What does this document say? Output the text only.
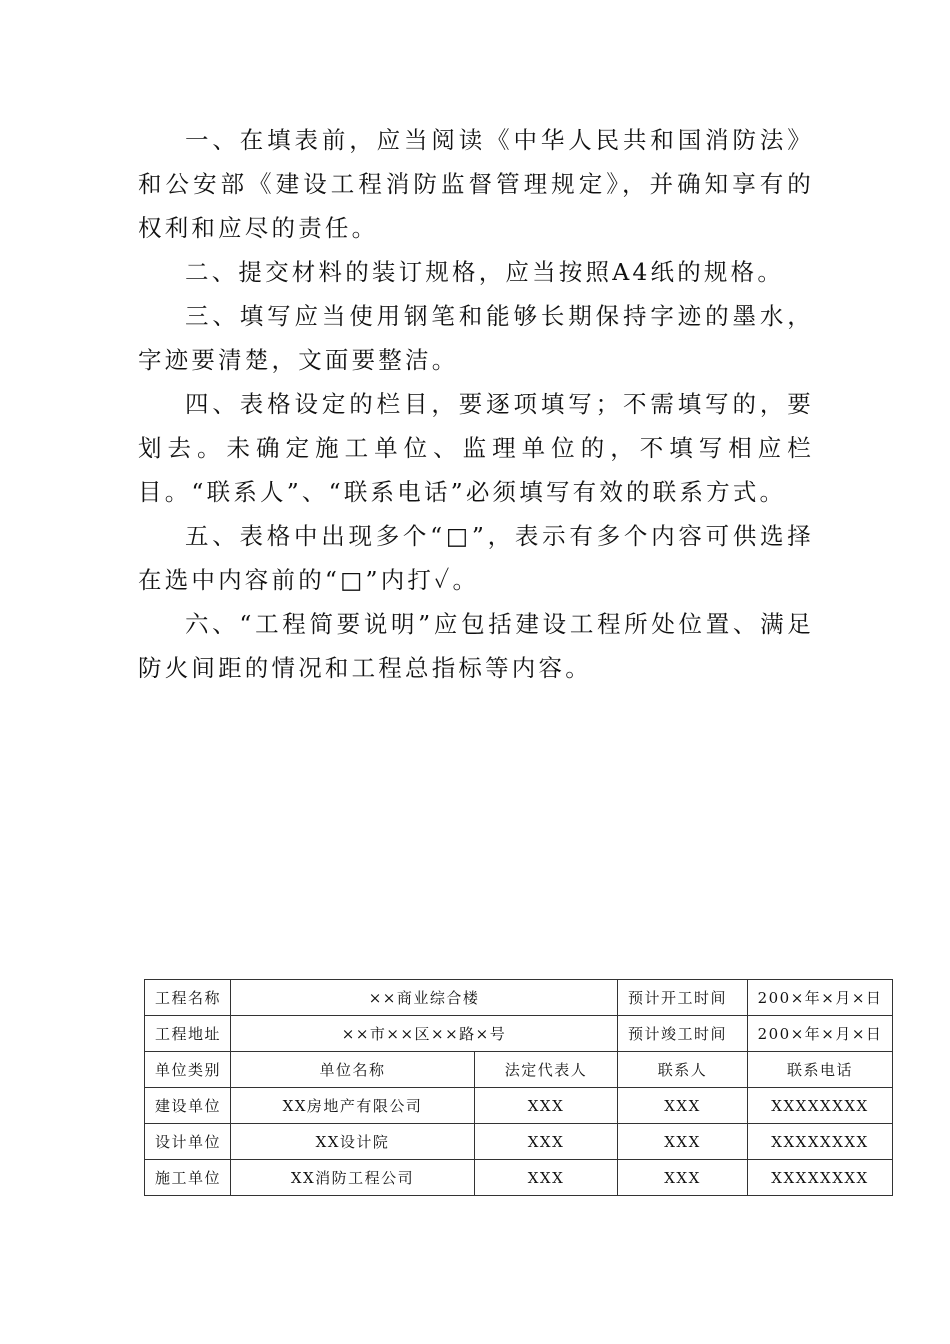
一、在填表前，应当阅读《中华人民共和国消防法》和公安部《建设工程消防监督管理规定》，并确知享有的权利和应尽的责任。

二、提交材料的装订规格，应当按照A4纸的规格。

三、填写应当使用钢笔和能够长期保持字迹的墨水，字迹要清楚，文面要整洁。

四、表格设定的栏目，要逐项填写；不需填写的，要划去。未确定施工单位、监理单位的，不填写相应栏目。“联系人”、“联系电话”必须填写有效的联系方式。

五、表格中出现多个“□”，表示有多个内容可供选择在选中内容前的“□”内打✓。

六、“工程简要说明”应包括建设工程所处位置、满足防火间距的情况和工程总指标等内容。

工程名称	××商业综合楼		预计开工时间	200×年×月×日
工程地址	××市××区××路×号		预计竣工时间	200×年×月×日
单位类别	单位名称	法定代表人	联系人	联系电话
建设单位	XX房地产有限公司	XXX	XXX	XXXXXXXX
设计单位	XX设计院	XXX	XXX	XXXXXXXX
施工单位	XX消防工程公司	XXX	XXX	XXXXXXXX
